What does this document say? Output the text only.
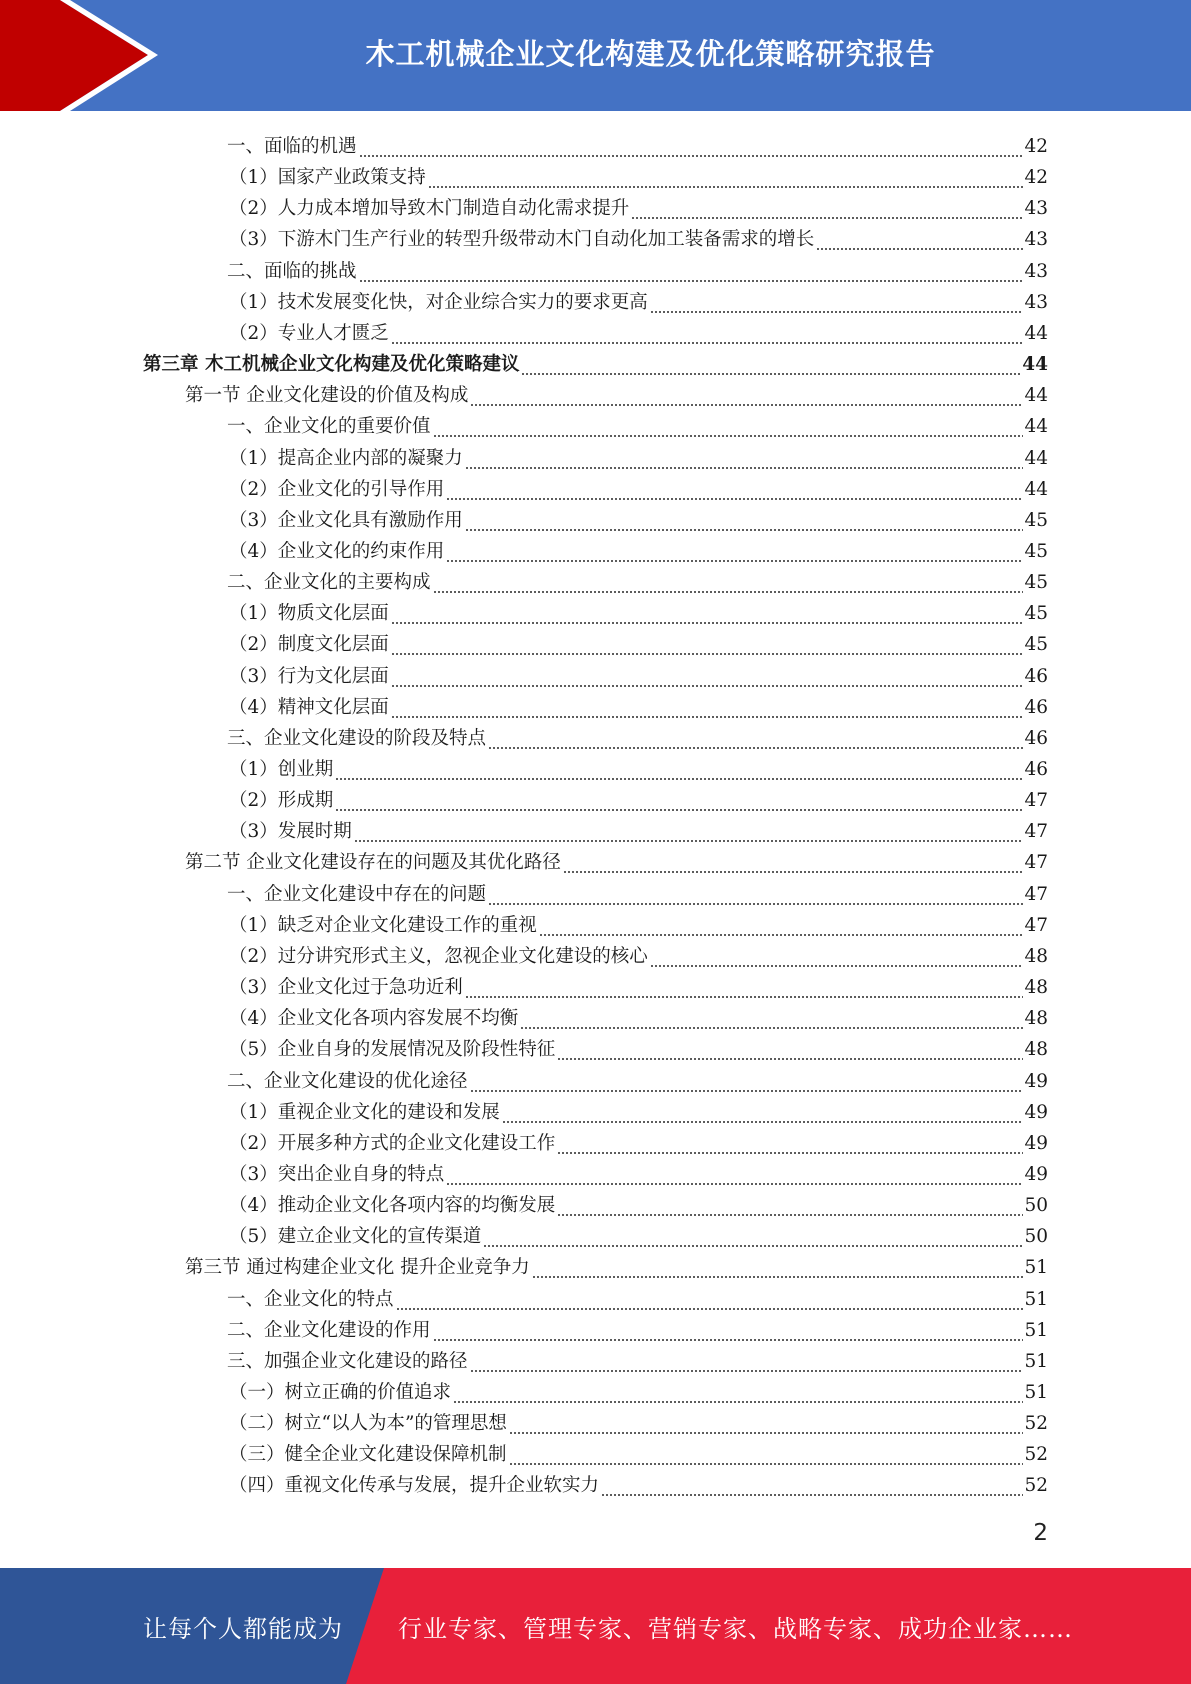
木工机械企业文化构建及优化策略研究报告
一、面临的机遇	42
（1）国家产业政策支持	42
（2）人力成本增加导致木门制造自动化需求提升	43
（3）下游木门生产行业的转型升级带动木门自动化加工装备需求的增长	43
二、面临的挑战	43
（1）技术发展变化快，对企业综合实力的要求更高	43
（2）专业人才匮乏	44
第三章 木工机械企业文化构建及优化策略建议	44
第一节 企业文化建设的价值及构成	44
一、企业文化的重要价值	44
（1）提高企业内部的凝聚力	44
（2）企业文化的引导作用	44
（3）企业文化具有激励作用	45
（4）企业文化的约束作用	45
二、企业文化的主要构成	45
（1）物质文化层面	45
（2）制度文化层面	45
（3）行为文化层面	46
（4）精神文化层面	46
三、企业文化建设的阶段及特点	46
（1）创业期	46
（2）形成期	47
（3）发展时期	47
第二节 企业文化建设存在的问题及其优化路径	47
一、企业文化建设中存在的问题	47
（1）缺乏对企业文化建设工作的重视	47
（2）过分讲究形式主义，忽视企业文化建设的核心	48
（3）企业文化过于急功近利	48
（4）企业文化各项内容发展不均衡	48
（5）企业自身的发展情况及阶段性特征	48
二、企业文化建设的优化途径	49
（1）重视企业文化的建设和发展	49
（2）开展多种方式的企业文化建设工作	49
（3）突出企业自身的特点	49
（4）推动企业文化各项内容的均衡发展	50
（5）建立企业文化的宣传渠道	50
第三节 通过构建企业文化 提升企业竞争力	51
一、企业文化的特点	51
二、企业文化建设的作用	51
三、加强企业文化建设的路径	51
（一）树立正确的价值追求	51
（二）树立“以人为本”的管理思想	52
（三）健全企业文化建设保障机制	52
（四）重视文化传承与发展，提升企业软实力	52
2
让每个人都能成为 行业专家、管理专家、营销专家、战略专家、成功企业家……
